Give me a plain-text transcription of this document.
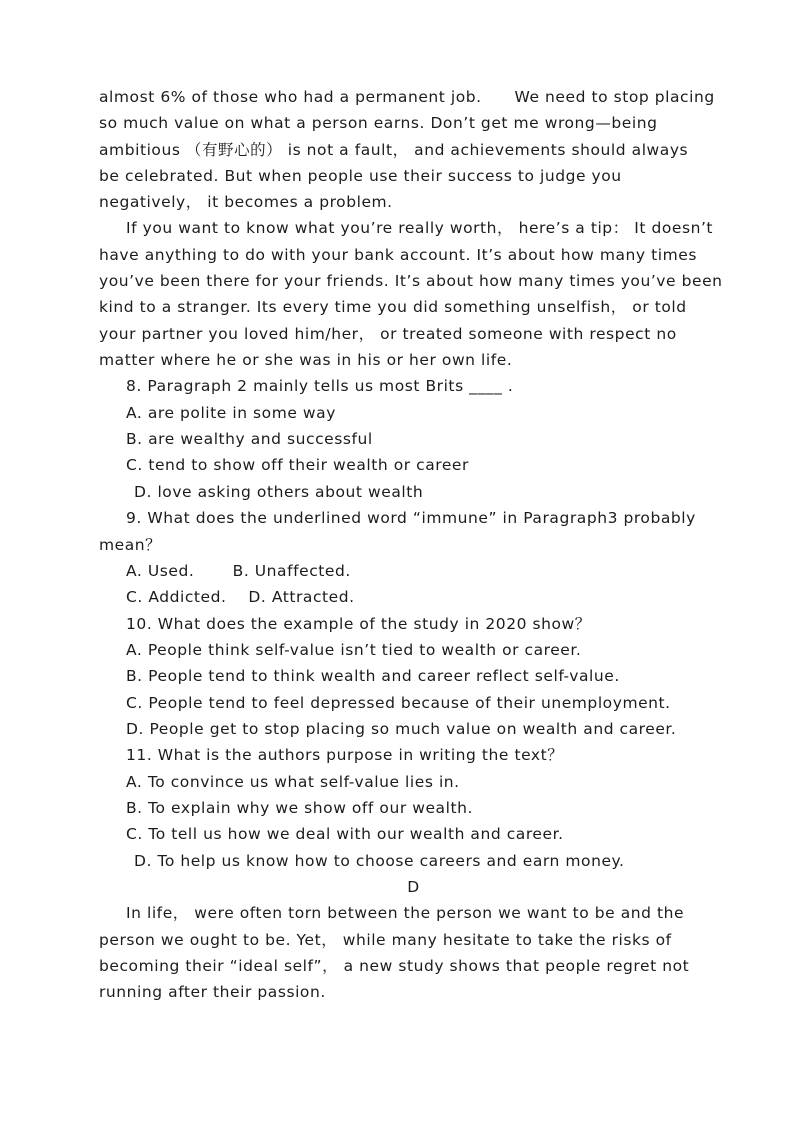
almost 6% of those who had a permanent job.      We need to stop placing

so much value on what a person earns. Don’t get me wrong—being

ambitious （有野心的） is not a fault， and achievements should always

be celebrated. But when people use their success to judge you

negatively， it becomes a problem.

If you want to know what you’re really worth， here’s a tip： It doesn’t

have anything to do with your bank account. It’s about how many times

you’ve been there for your friends. It’s about how many times you’ve been

kind to a stranger. Its every time you did something unselfish， or told

your partner you loved him/her， or treated someone with respect no

matter where he or she was in his or her own life.

8. Paragraph 2 mainly tells us most Brits ____ .

A. are polite in some way

B. are wealthy and successful

C. tend to show off their wealth or career

D. love asking others about wealth

9. What does the underlined word “immune” in Paragraph3 probably

mean？

A. Used.       B. Unaffected.

C. Addicted.    D. Attracted.

10. What does the example of the study in 2020 show？

A. People think self-value isn’t tied to wealth or career.

B. People tend to think wealth and career reflect self-value.

C. People tend to feel depressed because of their unemployment.

D. People get to stop placing so much value on wealth and career.

11. What is the authors purpose in writing the text？

A. To convince us what self-value lies in.

B. To explain why we show off our wealth.

C. To tell us how we deal with our wealth and career.

D. To help us know how to choose careers and earn money.

D

In life， were often torn between the person we want to be and the

person we ought to be. Yet， while many hesitate to take the risks of

becoming their “ideal self”， a new study shows that people regret not

running after their passion.
